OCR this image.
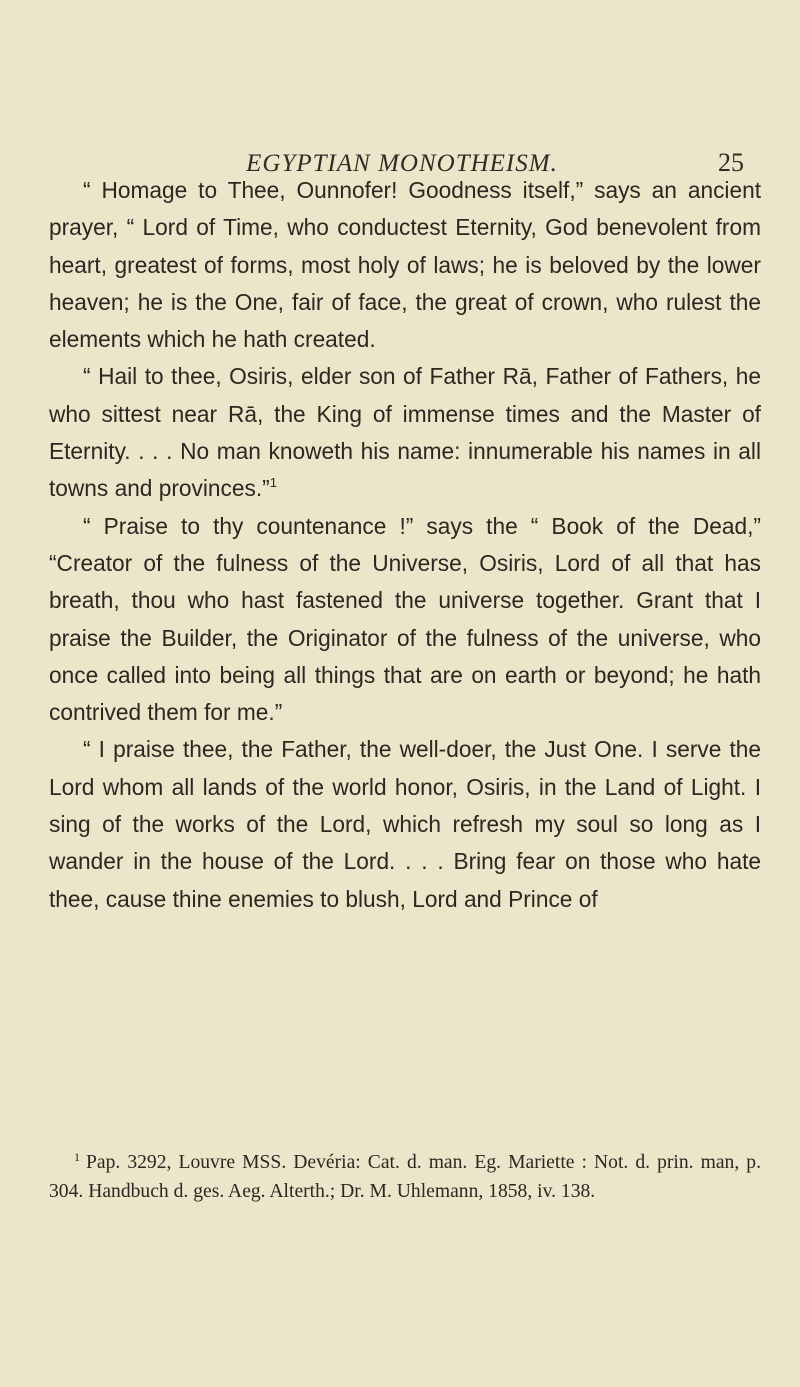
EGYPTIAN MONOTHEISM.	25

“ Homage to Thee, Ounnofer! Goodness itself,” says an ancient prayer, “ Lord of Time, who conductest Eternity, God benevolent from heart, greatest of forms, most holy of laws; he is beloved by the lower heaven; he is the One, fair of face, the great of crown, who rulest the elements which he hath created.

“ Hail to thee, Osiris, elder son of Father Rā, Father of Fathers, he who sittest near Rā, the King of immense times and the Master of Eternity. . . . No man knoweth his name: innumerable his names in all towns and provinces.”$^1$

“ Praise to thy countenance !” says the “ Book of the Dead,” “Creator of the fulness of the Universe, Osiris, Lord of all that has breath, thou who hast fastened the universe together. Grant that I praise the Builder, the Originator of the fulness of the universe, who once called into being all things that are on earth or beyond; he hath contrived them for me.”

“ I praise thee, the Father, the well-doer, the Just One. I serve the Lord whom all lands of the world honor, Osiris, in the Land of Light. I sing of the works of the Lord, which refresh my soul so long as I wander in the house of the Lord. . . . Bring fear on those who hate thee, cause thine enemies to blush, Lord and Prince of

$^1$ Pap. 3292, Louvre MSS. Devéria: Cat. d. man. Eg. Mariette : Not. d. prin. man, p. 304. Handbuch d. ges. Aeg. Alterth.; Dr. M. Uhlemann, 1858, iv. 138.
